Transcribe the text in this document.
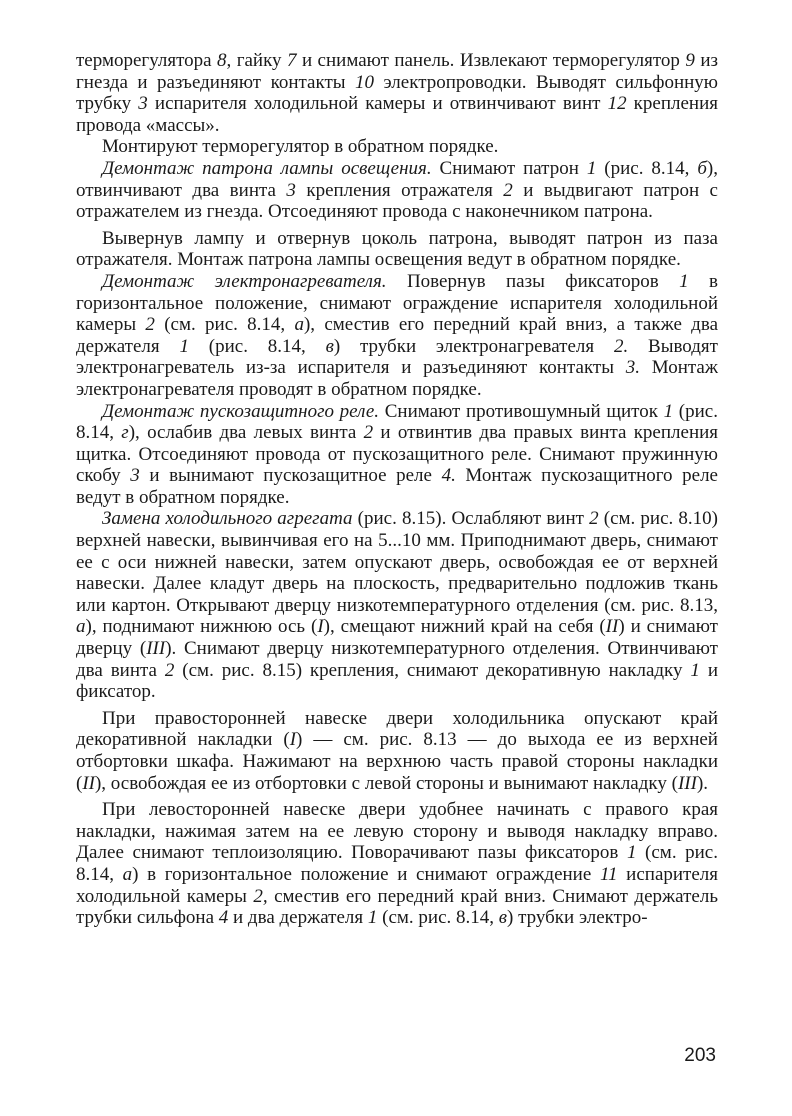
терморегулятора 8, гайку 7 и снимают панель. Извлекают терморегулятор 9 из гнезда и разъединяют контакты 10 электропроводки. Выводят сильфонную трубку 3 испарителя холодильной камеры и отвинчивают винт 12 крепления провода «массы».

Монтируют терморегулятор в обратном порядке.

Демонтаж патрона лампы освещения. Снимают патрон 1 (рис. 8.14, б), отвинчивают два винта 3 крепления отражателя 2 и выдвигают патрон с отражателем из гнезда. Отсоединяют провода с наконечником патрона.

Вывернув лампу и отвернув цоколь патрона, выводят патрон из паза отражателя. Монтаж патрона лампы освещения ведут в обратном порядке.

Демонтаж электронагревателя. Повернув пазы фиксаторов 1 в горизонтальное положение, снимают ограждение испарителя холодильной камеры 2 (см. рис. 8.14, а), сместив его передний край вниз, а также два держателя 1 (рис. 8.14, в) трубки электронагревателя 2. Выводят электронагреватель из-за испарителя и разъединяют контакты 3. Монтаж электронагревателя проводят в обратном порядке.

Демонтаж пускозащитного реле. Снимают противошумный щиток 1 (рис. 8.14, г), ослабив два левых винта 2 и отвинтив два правых винта крепления щитка. Отсоединяют провода от пускозащитного реле. Снимают пружинную скобу 3 и вынимают пускозащитное реле 4. Монтаж пускозащитного реле ведут в обратном порядке.

Замена холодильного агрегата (рис. 8.15). Ослабляют винт 2 (см. рис. 8.10) верхней навески, вывинчивая его на 5...10 мм. Приподнимают дверь, снимают ее с оси нижней навески, затем опускают дверь, освобождая ее от верхней навески. Далее кладут дверь на плоскость, предварительно подложив ткань или картон. Открывают дверцу низкотемпературного отделения (см. рис. 8.13, а), поднимают нижнюю ось (I), смещают нижний край на себя (II) и снимают дверцу (III). Снимают дверцу низкотемпературного отделения. Отвинчивают два винта 2 (см. рис. 8.15) крепления, снимают декоративную накладку 1 и фиксатор.

При правосторонней навеске двери холодильника опускают край декоративной накладки (I) — см. рис. 8.13 — до выхода ее из верхней отбортовки шкафа. Нажимают на верхнюю часть правой стороны накладки (II), освобождая ее из отбортовки с левой стороны и вынимают накладку (III).

При левосторонней навеске двери удобнее начинать с правого края накладки, нажимая затем на ее левую сторону и выводя накладку вправо. Далее снимают теплоизоляцию. Поворачивают пазы фиксаторов 1 (см. рис. 8.14, а) в горизонтальное положение и снимают ограждение 11 испарителя холодильной камеры 2, сместив его передний край вниз. Снимают держатель трубки сильфона 4 и два держателя 1 (см. рис. 8.14, в) трубки электро-

203
